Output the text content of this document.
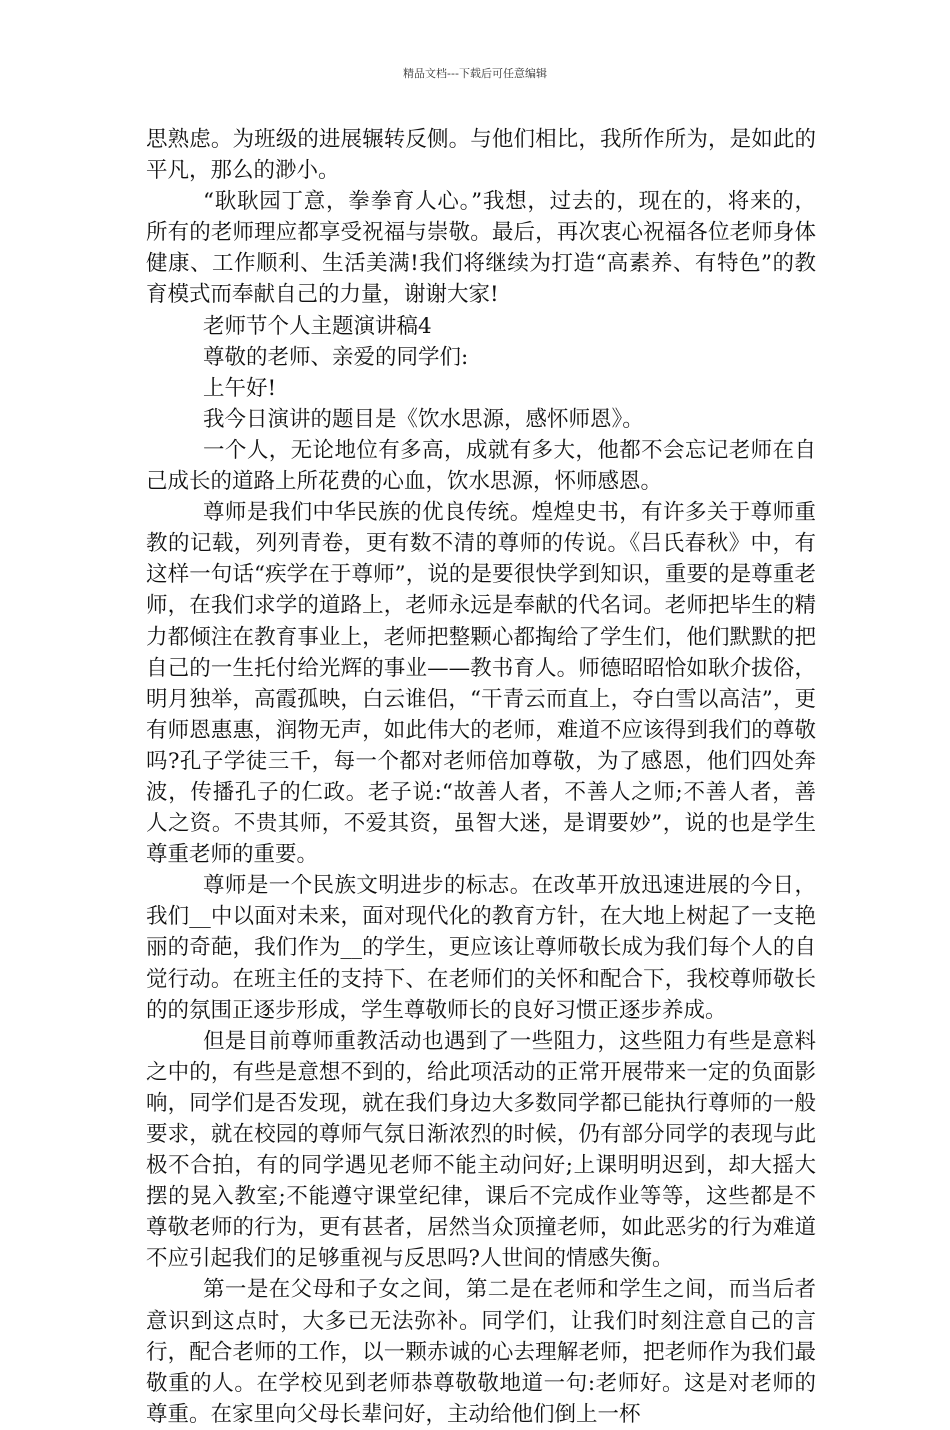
精品文档---下载后可任意编辑

思熟虑。为班级的进展辗转反侧。与他们相比，我所作所为，是如此的平凡，那么的渺小。

“耿耿园丁意，拳拳育人心。”我想，过去的，现在的，将来的，所有的老师理应都享受祝福与崇敬。最后，再次衷心祝福各位老师身体健康、工作顺利、生活美满!我们将继续为打造“高素养、有特色”的教育模式而奉献自己的力量，谢谢大家!

老师节个人主题演讲稿4

尊敬的老师、亲爱的同学们:

上午好!

我今日演讲的题目是《饮水思源，感怀师恩》。

一个人，无论地位有多高，成就有多大，他都不会忘记老师在自己成长的道路上所花费的心血，饮水思源，怀师感恩。

尊师是我们中华民族的优良传统。煌煌史书，有许多关于尊师重教的记载，列列青卷，更有数不清的尊师的传说。《吕氏春秋》中，有这样一句话“疾学在于尊师”，说的是要很快学到知识，重要的是尊重老师，在我们求学的道路上，老师永远是奉献的代名词。老师把毕生的精力都倾注在教育事业上，老师把整颗心都掏给了学生们，他们默默的把自己的一生托付给光辉的事业——教书育人。师德昭昭恰如耿介拔俗，明月独举，高霞孤映，白云谁侣，“干青云而直上，夺白雪以高洁”，更有师恩惠惠，润物无声，如此伟大的老师，难道不应该得到我们的尊敬吗?孔子学徒三千，每一个都对老师倍加尊敬，为了感恩，他们四处奔波，传播孔子的仁政。老子说:“故善人者，不善人之师;不善人者，善人之资。不贵其师，不爱其资，虽智大迷，是谓要妙”，说的也是学生尊重老师的重要。

尊师是一个民族文明进步的标志。在改革开放迅速进展的今日，我们__中以面对未来，面对现代化的教育方针，在大地上树起了一支艳丽的奇葩，我们作为__的学生，更应该让尊师敬长成为我们每个人的自觉行动。在班主任的支持下、在老师们的关怀和配合下，我校尊师敬长的的氛围正逐步形成，学生尊敬师长的良好习惯正逐步养成。

但是目前尊师重教活动也遇到了一些阻力，这些阻力有些是意料之中的，有些是意想不到的，给此项活动的正常开展带来一定的负面影响，同学们是否发现，就在我们身边大多数同学都已能执行尊师的一般要求，就在校园的尊师气氛日渐浓烈的时候，仍有部分同学的表现与此极不合拍，有的同学遇见老师不能主动问好;上课明明迟到，却大摇大摆的晃入教室;不能遵守课堂纪律，课后不完成作业等等，这些都是不尊敬老师的行为，更有甚者，居然当众顶撞老师，如此恶劣的行为难道不应引起我们的足够重视与反思吗?人世间的情感失衡。

第一是在父母和子女之间，第二是在老师和学生之间，而当后者意识到这点时，大多已无法弥补。同学们，让我们时刻注意自己的言行，配合老师的工作，以一颗赤诚的心去理解老师，把老师作为我们最敬重的人。在学校见到老师恭尊敬敬地道一句:老师好。这是对老师的尊重。在家里向父母长辈问好，主动给他们倒上一杯
